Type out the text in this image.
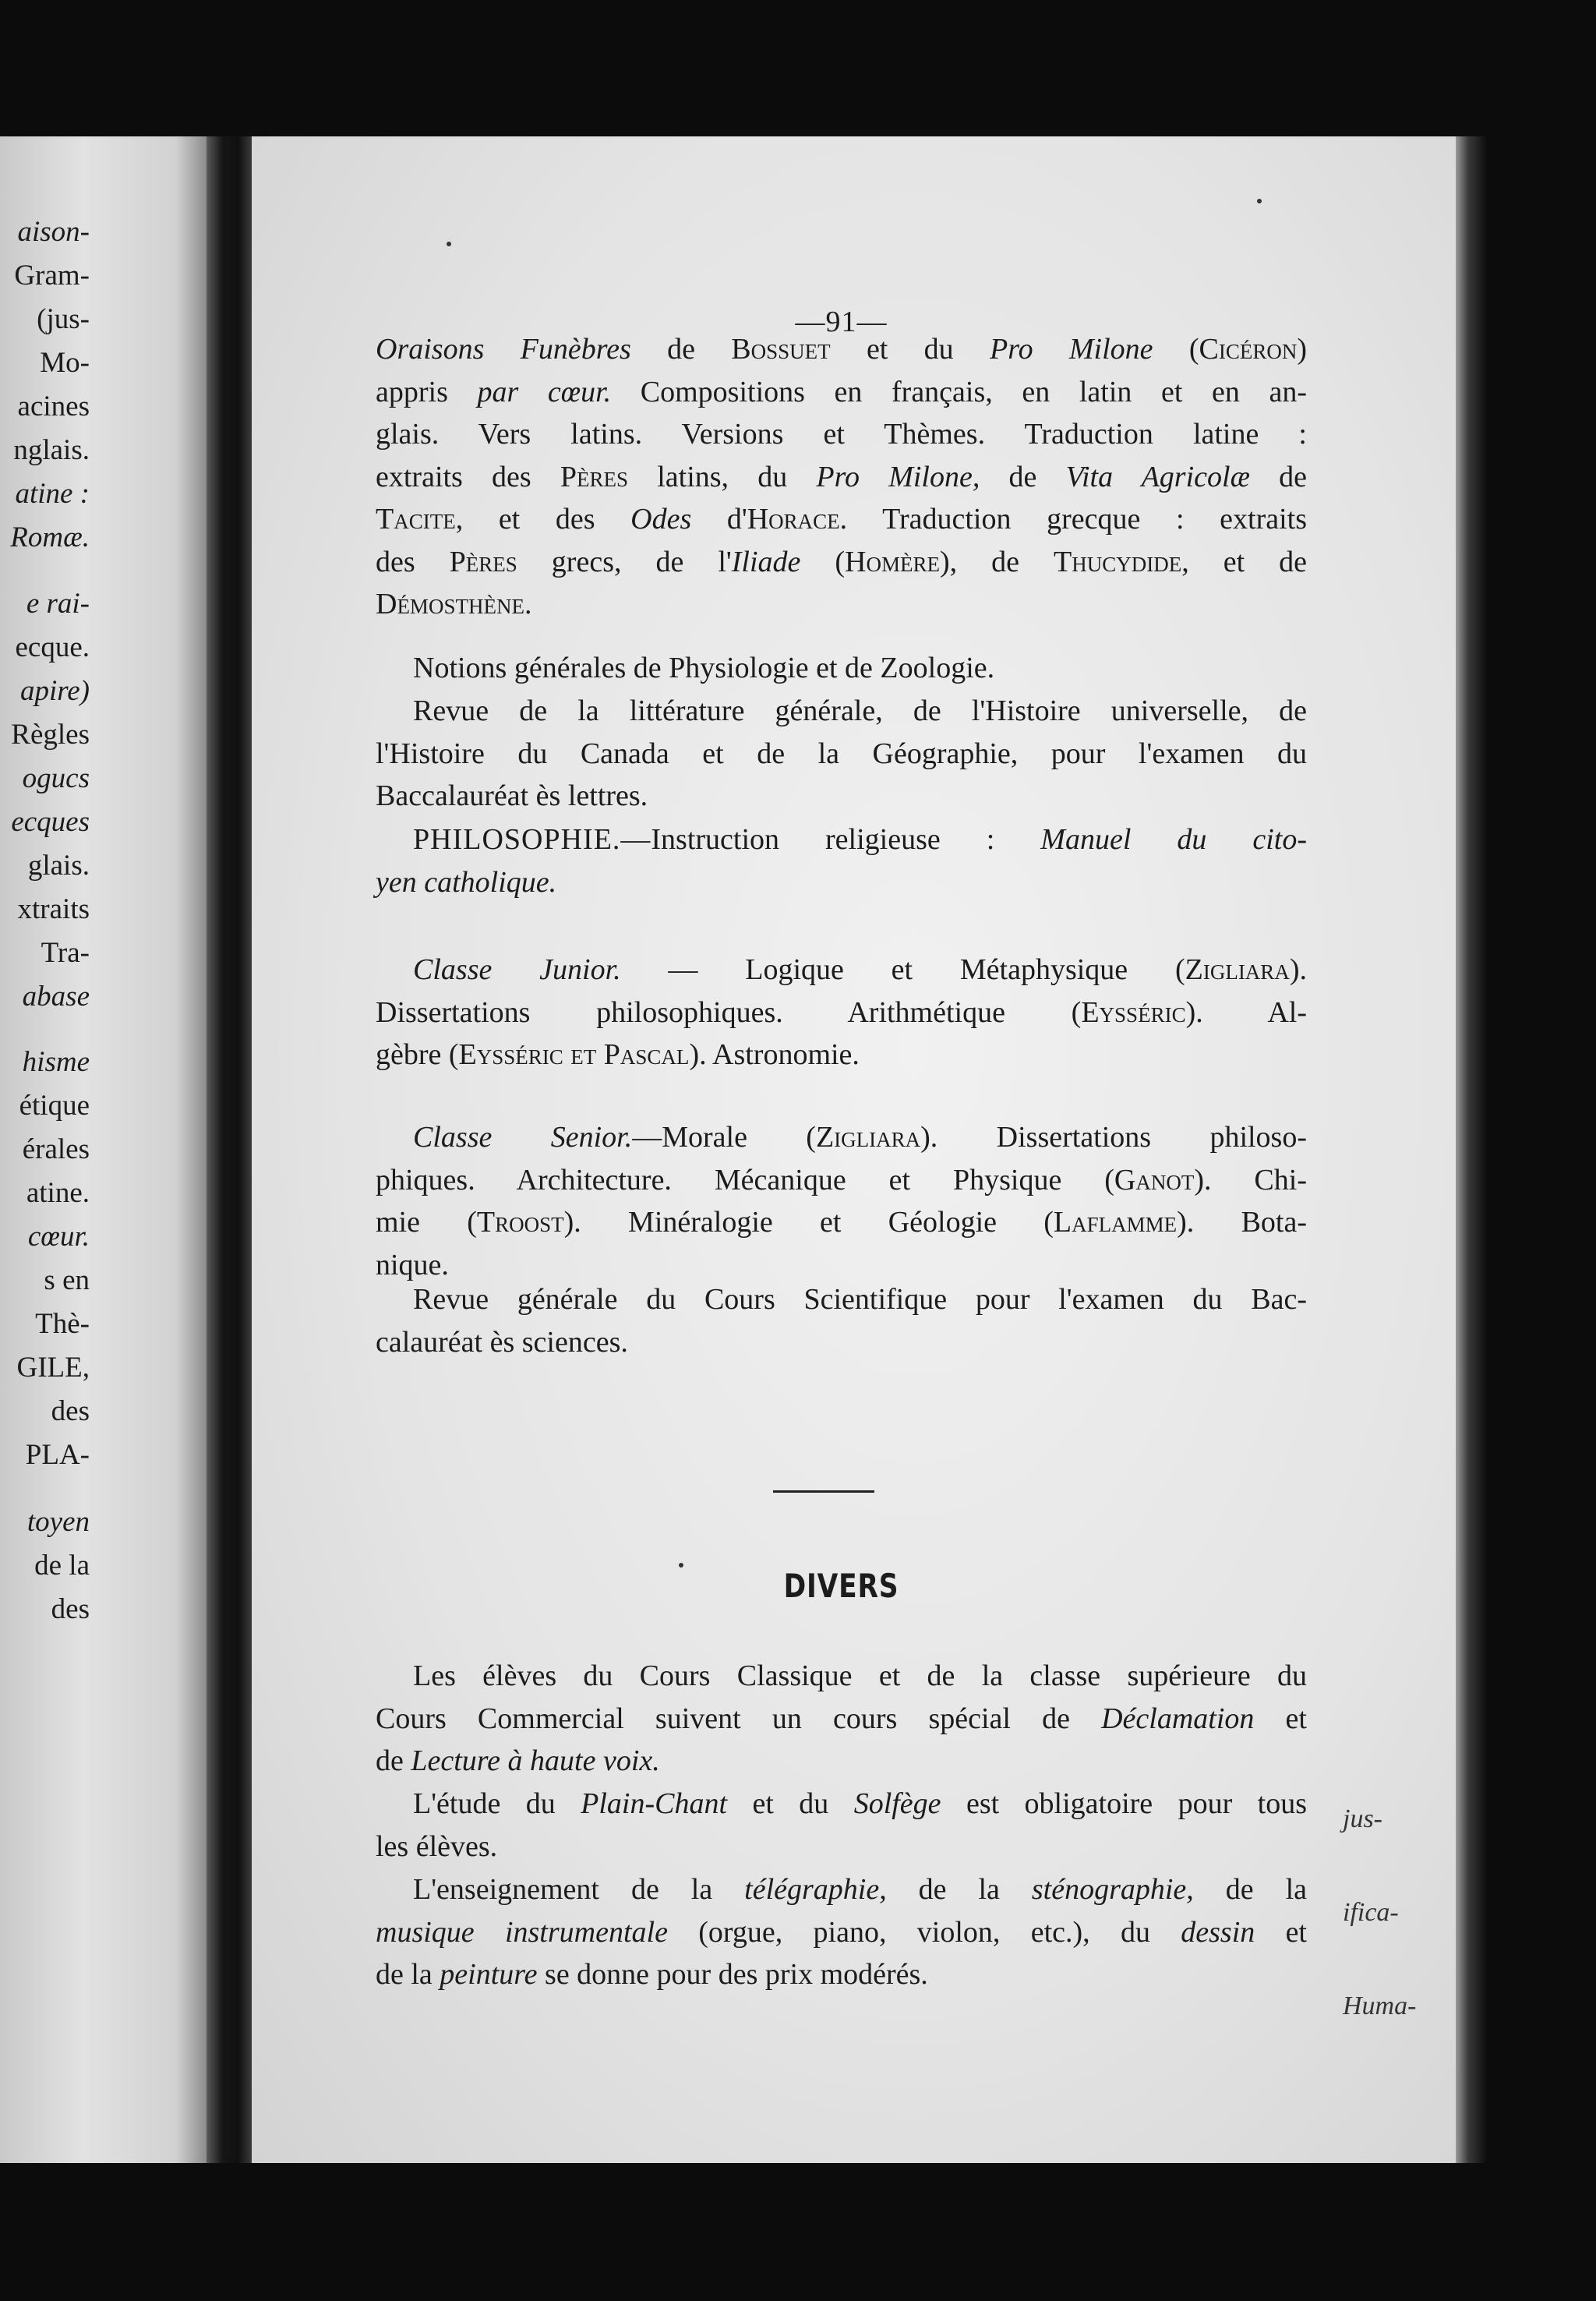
aison-
Gram-
(jus-
Mo-
acines
nglais.
atine :
Romæ.
e rai-
ecque.
apire)
Règles
ogucs
ecques
glais.
xtraits
Tra-
abase
hisme
étique
érales
atine.
cœur.
s en
Thè-
GILE,
des
PLA-
toyen
de la
des
—91—
Oraisons Funèbres de Bossuet et du Pro Milone (Cicéron)
appris par cœur. Compositions en français, en latin et en an-
glais. Vers latins. Versions et Thèmes. Traduction latine :
extraits des Pères latins, du Pro Milone, de Vita Agricolæ de
Tacite, et des Odes d'Horace. Traduction grecque : extraits
des Pères grecs, de l'Iliade (Homère), de Thucydide, et de
Démosthène.
Notions générales de Physiologie et de Zoologie.
Revue de la littérature générale, de l'Histoire universelle, de
l'Histoire du Canada et de la Géographie, pour l'examen du
Baccalauréat ès lettres.
PHILOSOPHIE.—Instruction religieuse : Manuel du cito-
yen catholique.
Classe Junior. — Logique et Métaphysique (Zigliara).
Dissertations philosophiques. Arithmétique (Eysséric). Al-
gèbre (Eysséric et Pascal). Astronomie.
Classe Senior.—Morale (Zigliara). Dissertations philoso-
phiques. Architecture. Mécanique et Physique (Ganot). Chi-
mie (Troost). Minéralogie et Géologie (Laflamme). Bota-
nique.
Revue générale du Cours Scientifique pour l'examen du Bac-
calauréat ès sciences.
DIVERS
Les élèves du Cours Classique et de la classe supérieure du
Cours Commercial suivent un cours spécial de Déclamation et
de Lecture à haute voix.
L'étude du Plain-Chant et du Solfège est obligatoire pour tous
les élèves.
L'enseignement de la télégraphie, de la sténographie, de la
musique instrumentale (orgue, piano, violon, etc.), du dessin et
de la peinture se donne pour des prix modérés.
jus-
ifica-
Huma-
